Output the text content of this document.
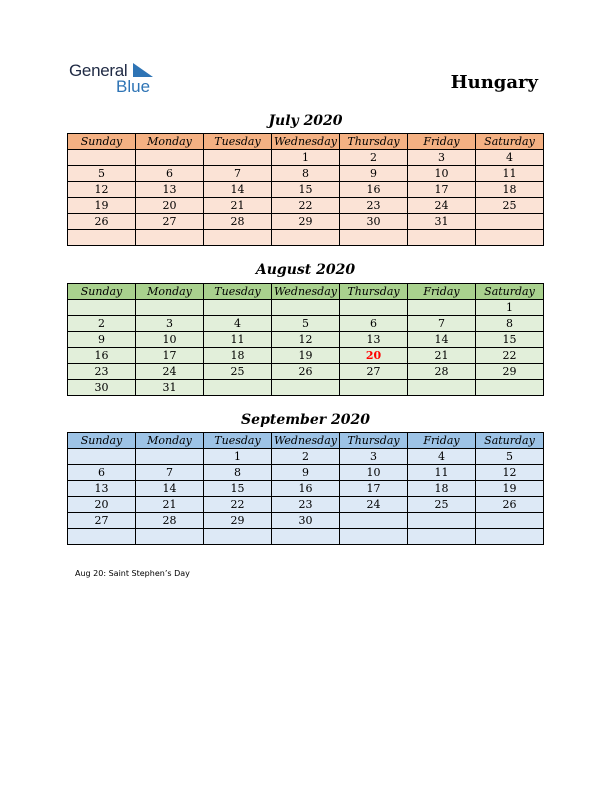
General
Blue	Hungary
July 2020
Sunday	Monday	Tuesday	Wednesday	Thursday	Friday	Saturday
			1	2	3	4
5	6	7	8	9	10	11
12	13	14	15	16	17	18
19	20	21	22	23	24	25
26	27	28	29	30	31	

August 2020
Sunday	Monday	Tuesday	Wednesday	Thursday	Friday	Saturday
						1
2	3	4	5	6	7	8
9	10	11	12	13	14	15
16	17	18	19	20	21	22
23	24	25	26	27	28	29
30	31					
September 2020
Sunday	Monday	Tuesday	Wednesday	Thursday	Friday	Saturday
		1	2	3	4	5
6	7	8	9	10	11	12
13	14	15	16	17	18	19
20	21	22	23	24	25	26
27	28	29	30			

Aug 20: Saint Stephen’s Day
